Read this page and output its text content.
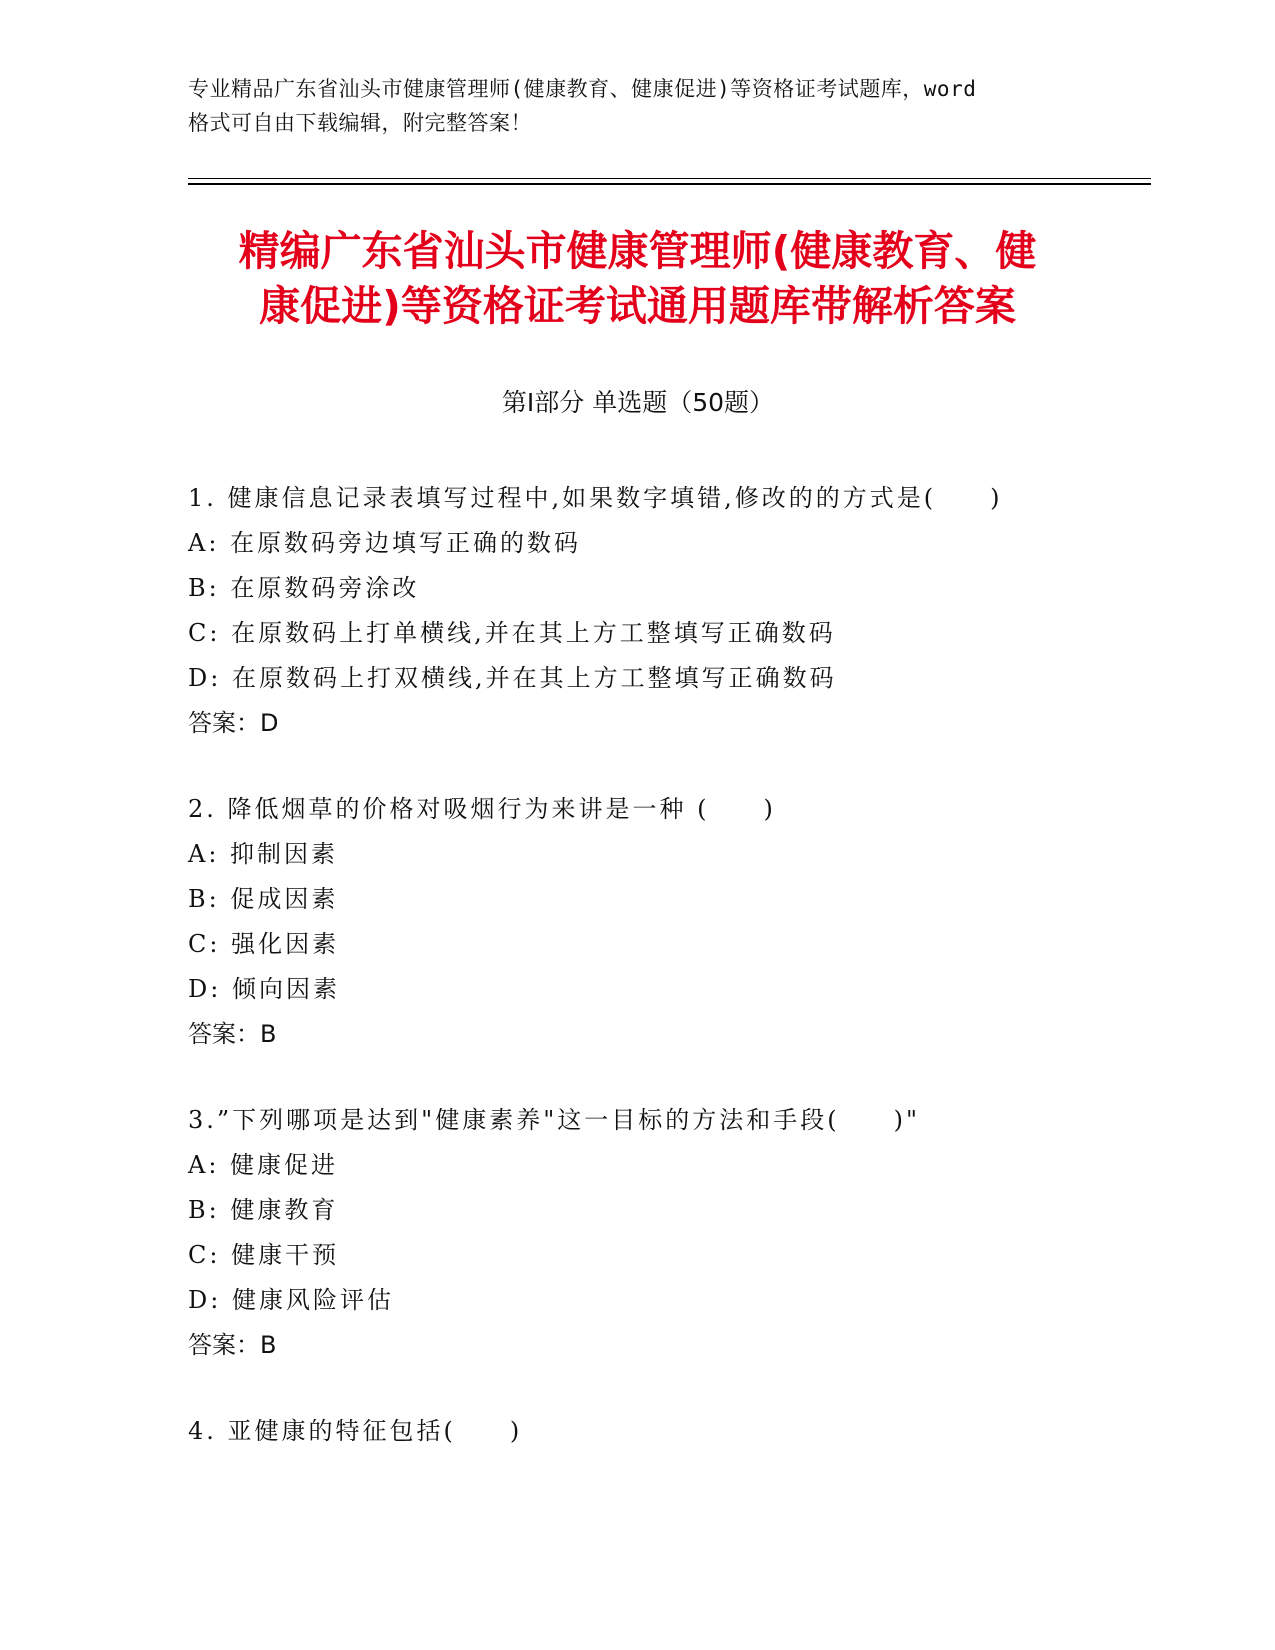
专业精品广东省汕头市健康管理师(健康教育、健康促进)等资格证考试题库，word
格式可自由下载编辑，附完整答案！
精编广东省汕头市健康管理师(健康教育、健
康促进)等资格证考试通用题库带解析答案
第Ⅰ部分 单选题（50题）
1. 健康信息记录表填写过程中,如果数字填错,修改的的方式是(　　)
A: 在原数码旁边填写正确的数码
B: 在原数码旁涂改
C: 在原数码上打单横线,并在其上方工整填写正确数码
D: 在原数码上打双横线,并在其上方工整填写正确数码
答案：D
2. 降低烟草的价格对吸烟行为来讲是一种 (　　)
A: 抑制因素
B: 促成因素
C: 强化因素
D: 倾向因素
答案：B
3.”下列哪项是达到"健康素养"这一目标的方法和手段(　　)"
A: 健康促进
B: 健康教育
C: 健康干预
D: 健康风险评估
答案：B
4. 亚健康的特征包括(　　)
